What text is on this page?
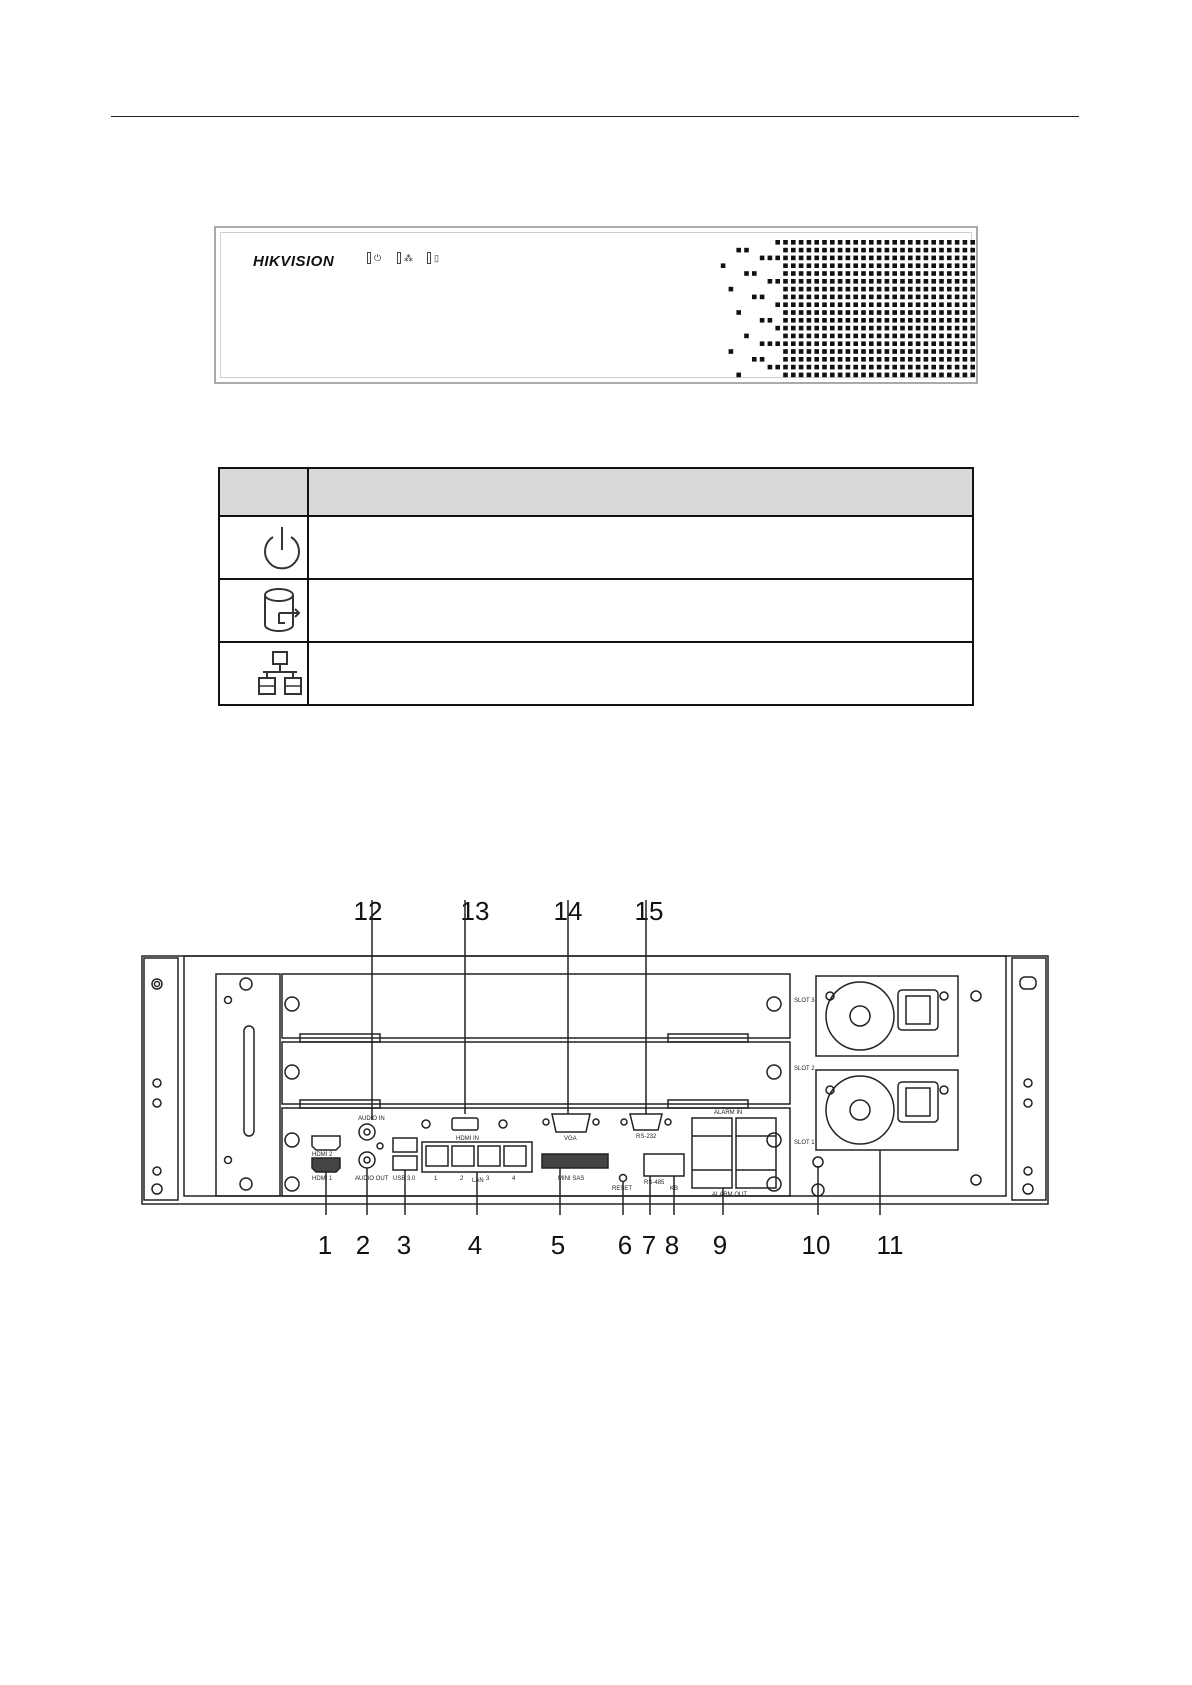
HIKVISION	⏻	⁂ ▯

12	13 14 15
1 2	3	4	5	6 7 8	9	10 11
HDMI 2
HDMI 1
AUDIO IN
AUDIO OUT USB 3.0	LAN
HDMI IN	VGA	RS-232
MINI SAS
RESET
RS-485
KB
ALARM IN
ALARM OUT
SLOT 3
SLOT 2
SLOT 1
1	2	3	4
